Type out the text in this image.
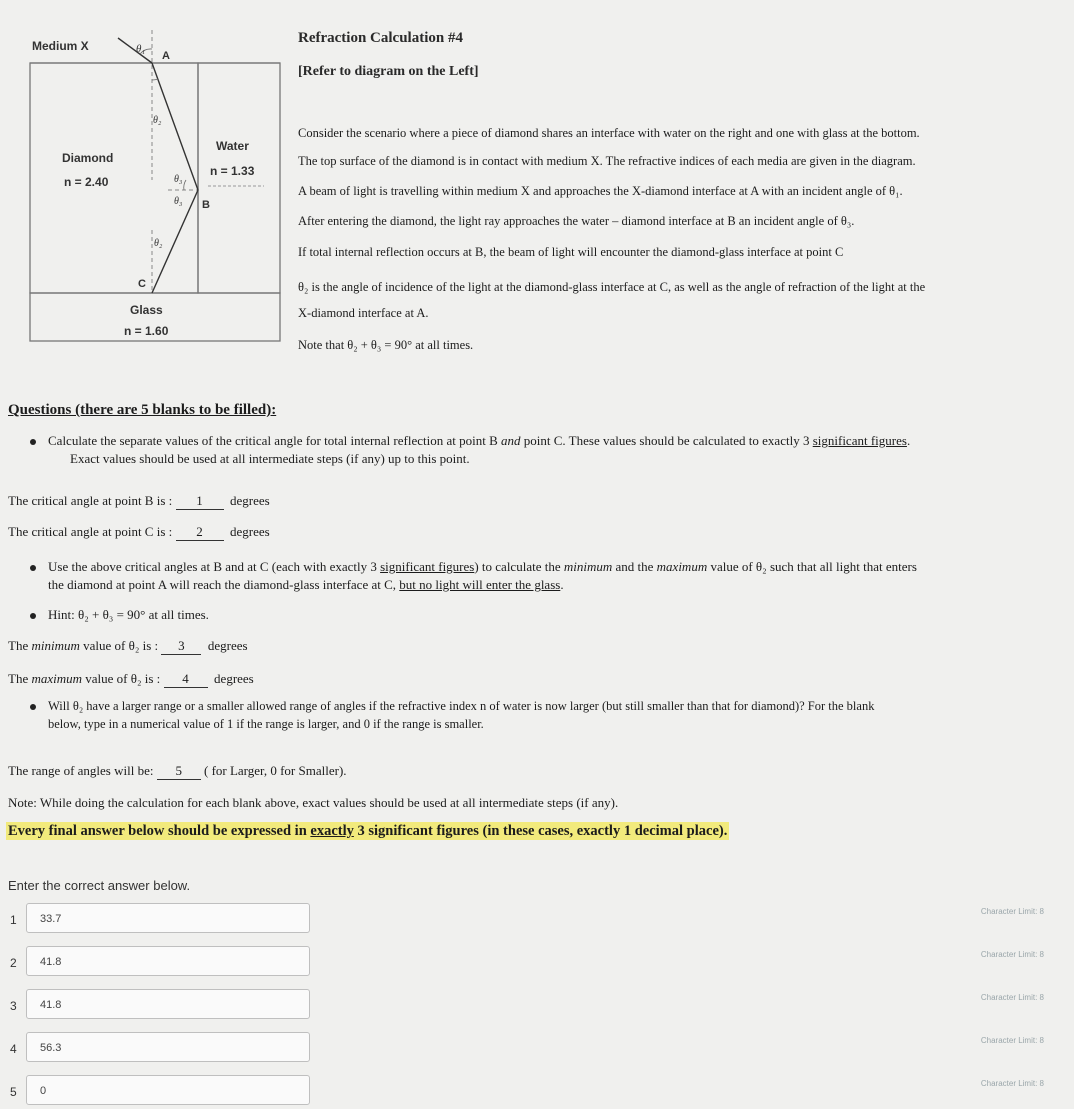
Medium X	θ₁
A
θ₂
Diamond
n = 2.40
Water
n = 1.33
θ₃
θ₃ B
θ₂
C
Glass
n = 1.60
Refraction Calculation #4
[Refer to diagram on the Left]
Consider the scenario where a piece of diamond shares an interface with water on the right and one with glass at the bottom.
The top surface of the diamond is in contact with medium X. The refractive indices of each media are given in the diagram.
A beam of light is travelling within medium X and approaches the X-diamond interface at A with an incident angle of θ₁.
After entering the diamond, the light ray approaches the water – diamond interface at B an incident angle of θ₃.
If total internal reflection occurs at B, the beam of light will encounter the diamond-glass interface at point C
θ₂ is the angle of incidence of the light at the diamond-glass interface at C, as well as the angle of refraction of the light at the
X-diamond interface at A.
Note that θ₂ + θ₃ = 90° at all times.
Questions (there are 5 blanks to be filled):
Calculate the separate values of the critical angle for total internal reflection at point B and point C. These values should be calculated to exactly 3 significant figures.
Exact values should be used at all intermediate steps (if any) up to this point.
The critical angle at point B is : 1 degrees
The critical angle at point C is : 2 degrees
Use the above critical angles at B and at C (each with exactly 3 significant figures) to calculate the minimum and the maximum value of θ₂ such that all light that enters
the diamond at point A will reach the diamond-glass interface at C, but no light will enter the glass.
Hint: θ₂ + θ₃ = 90° at all times.
The minimum value of θ₂ is : 3 degrees
The maximum value of θ₂ is : 4 degrees
Will θ₂ have a larger range or a smaller allowed range of angles if the refractive index n of water is now larger (but still smaller than that for diamond)? For the blank
below, type in a numerical value of 1 if the range is larger, and 0 if the range is smaller.
The range of angles will be: 5 ( for Larger, 0 for Smaller).
Note: While doing the calculation for each blank above, exact values should be used at all intermediate steps (if any).
Every final answer below should be expressed in exactly 3 significant figures (in these cases, exactly 1 decimal place).
Enter the correct answer below.
1	33.7
Character Limit: 8
2	41.8
Character Limit: 8
3	41.8
Character Limit: 8
4	56.3
Character Limit: 8
5	0
Character Limit: 8
